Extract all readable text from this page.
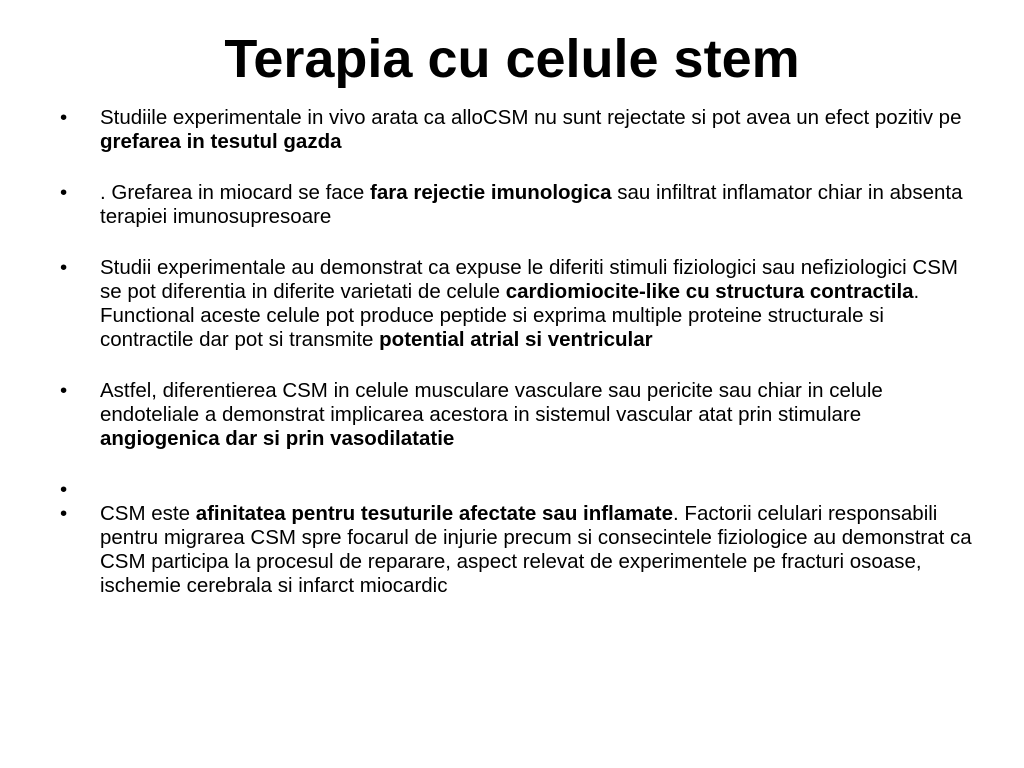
Terapia cu celule stem
• Studiile experimentale in vivo arata ca alloCSM nu sunt rejectate si pot avea un efect pozitiv pe grefarea in tesutul gazda
• . Grefarea in miocard se face fara rejectie imunologica sau infiltrat inflamator chiar in absenta terapiei imunosupresoare
• Studii experimentale au demonstrat ca expuse le diferiti stimuli fiziologici sau nefiziologici CSM se pot diferentia in diferite varietati de celule cardiomiocite-like cu structura contractila. Functional aceste celule pot produce peptide si exprima multiple proteine structurale si contractile dar pot si transmite potential atrial si ventricular
• Astfel, diferentierea CSM in celule musculare vasculare sau pericite sau chiar in celule endoteliale a demonstrat implicarea acestora in sistemul vascular atat prin stimulare angiogenica dar si prin vasodilatatie
•
• CSM este afinitatea pentru tesuturile afectate sau inflamate. Factorii celulari responsabili pentru migrarea CSM spre focarul de injurie precum si consecintele fiziologice au demonstrat ca CSM participa la procesul de reparare, aspect relevat de experimentele pe fracturi osoase, ischemie cerebrala si infarct miocardic
